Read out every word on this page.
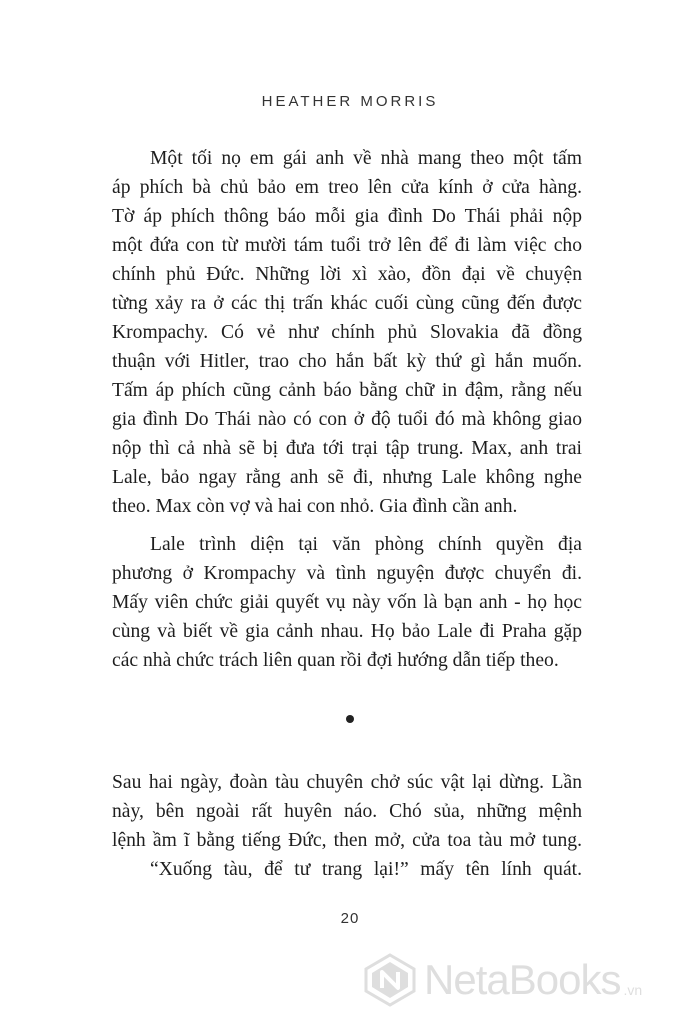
HEATHER MORRIS
Một tối nọ em gái anh về nhà mang theo một tấm
áp phích bà chủ bảo em treo lên cửa kính ở cửa hàng.
Tờ áp phích thông báo mỗi gia đình Do Thái phải nộp
một đứa con từ mười tám tuổi trở lên để đi làm việc cho
chính phủ Đức. Những lời xì xào, đồn đại về chuyện
từng xảy ra ở các thị trấn khác cuối cùng cũng đến được
Krompachy. Có vẻ như chính phủ Slovakia đã đồng
thuận với Hitler, trao cho hắn bất kỳ thứ gì hắn muốn.
Tấm áp phích cũng cảnh báo bằng chữ in đậm, rằng nếu
gia đình Do Thái nào có con ở độ tuổi đó mà không giao
nộp thì cả nhà sẽ bị đưa tới trại tập trung. Max, anh trai
Lale, bảo ngay rằng anh sẽ đi, nhưng Lale không nghe
theo. Max còn vợ và hai con nhỏ. Gia đình cần anh.
Lale trình diện tại văn phòng chính quyền địa
phương ở Krompachy và tình nguyện được chuyển đi.
Mấy viên chức giải quyết vụ này vốn là bạn anh - họ học
cùng và biết về gia cảnh nhau. Họ bảo Lale đi Praha gặp
các nhà chức trách liên quan rồi đợi hướng dẫn tiếp theo.
Sau hai ngày, đoàn tàu chuyên chở súc vật lại dừng. Lần
này, bên ngoài rất huyên náo. Chó sủa, những mệnh
lệnh ầm ĩ bằng tiếng Đức, then mở, cửa toa tàu mở tung.
“Xuống tàu, để tư trang lại!” mấy tên lính quát.
20
NetaBooks .vn
